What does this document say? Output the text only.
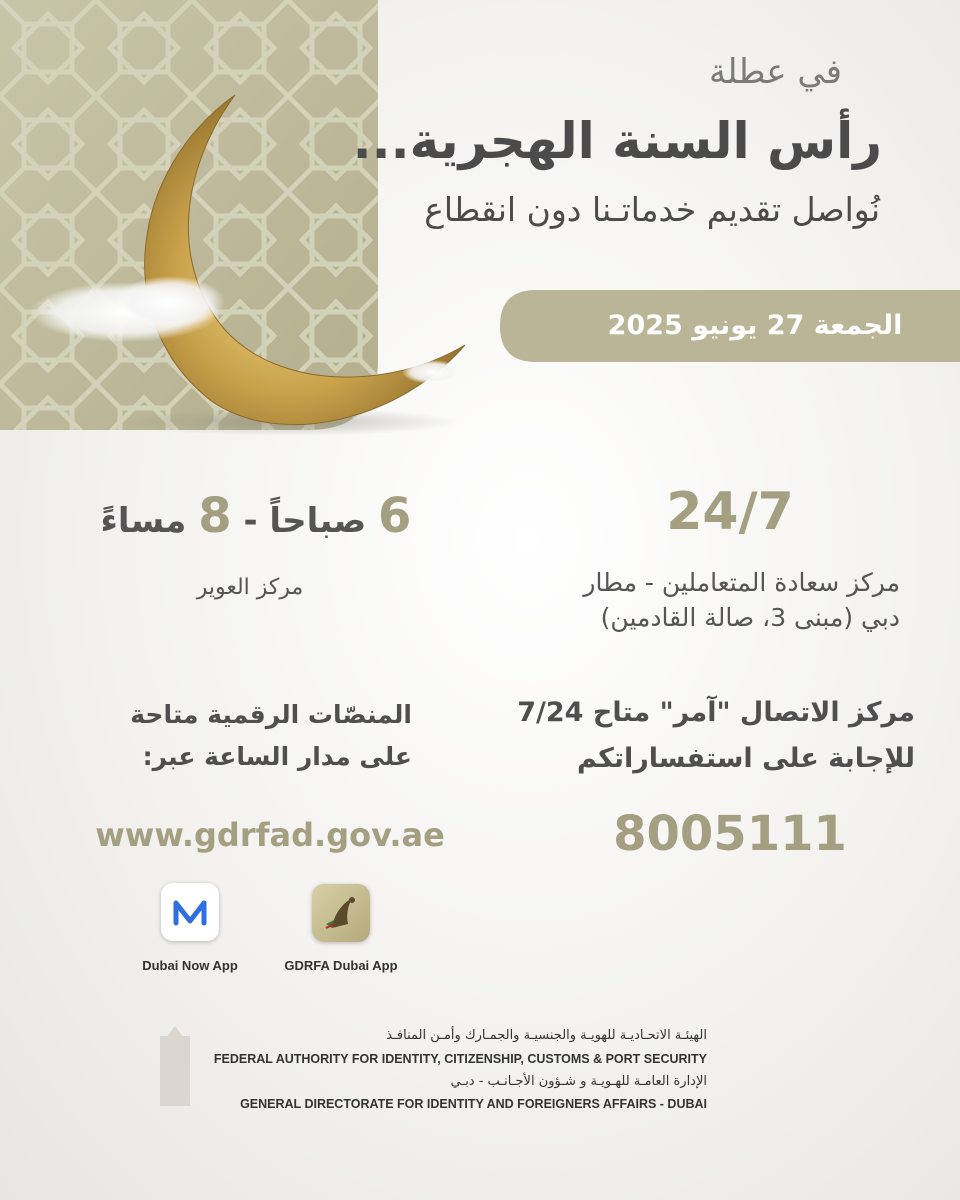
في عطلة
رأس السنة الهجرية...
نُواصل تقديم خدماتـنا دون انقطاع
الجمعة 27 يونيو 2025
24/7
مركز سعادة المتعاملين - مطار
دبي (مبنى 3، صالة القادمين)
6 صباحاً - 8 مساءً
مركز العوير
مركز الاتصال "آمر" متاح 7/24
للإجابة على استفساراتكم
8005111
المنصّات الرقمية متاحة
على مدار الساعة عبر:
www.gdrfad.gov.ae
Dubai Now App	GDRFA Dubai App
الهيئـة الاتحـاديـة للهويـة والجنسيـة والجمـارك وأمـن المنافـذ
FEDERAL AUTHORITY FOR IDENTITY, CITIZENSHIP, CUSTOMS & PORT SECURITY
الإدارة العامـة للهـويـة و شـؤون الأجـانـب - دبـي
GENERAL DIRECTORATE FOR IDENTITY AND FOREIGNERS AFFAIRS - DUBAI
